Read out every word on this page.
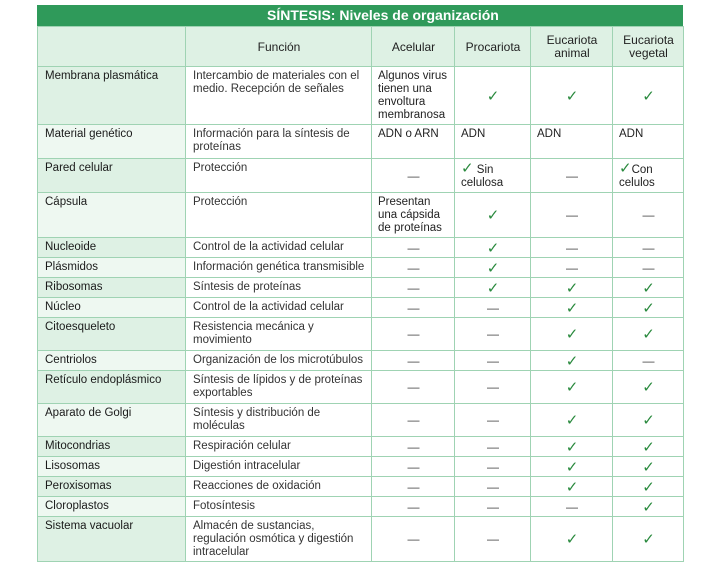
SÍNTESIS: Niveles de organización
	Función	Acelular	Procariota	Eucariota animal	Eucariota vegetal
Membrana plasmática	Intercambio de materiales con el medio. Recepción de señales	Algunos virus tienen una envoltura membranosa	✓	✓	✓
Material genético	Información para la síntesis de proteínas	ADN o ARN	ADN	ADN	ADN
Pared celular	Protección	—	✓ Sin celulosa	—	✓Con celulos
Cápsula	Protección	Presentan una cápsida de proteínas	✓	—	—
Nucleoide	Control de la actividad celular	—	✓	—	—
Plásmidos	Información genética transmisible	—	✓	—	—
Ribosomas	Síntesis de proteínas	—	✓	✓	✓
Núcleo	Control de la actividad celular	—	—	✓	✓
Citoesqueleto	Resistencia mecánica y movimiento	—	—	✓	✓
Centriolos	Organización de los microtúbulos	—	—	✓	—
Retículo endoplásmico	Síntesis de lípidos y de proteínas exportables	—	—	✓	✓
Aparato de Golgi	Síntesis y distribución de moléculas	—	—	✓	✓
Mitocondrias	Respiración celular	—	—	✓	✓
Lisosomas	Digestión intracelular	—	—	✓	✓
Peroxisomas	Reacciones de oxidación	—	—	✓	✓
Cloroplastos	Fotosíntesis	—	—	—	✓
Sistema vacuolar	Almacén de sustancias, regulación osmótica y digestión intracelular	—	—	✓	✓
